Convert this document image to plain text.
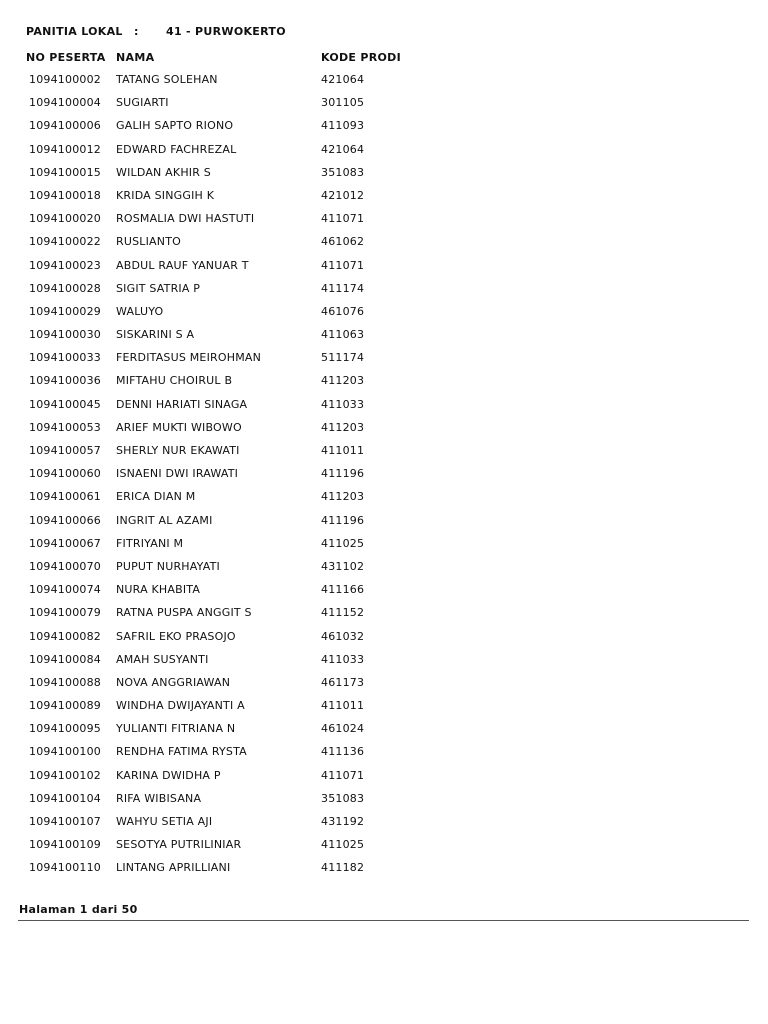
PANITIA LOKAL : 41 - PURWOKERTO
NO PESERTA NAMA	KODE PRODI
1094100002 TATANG SOLEHAN	421064
1094100004 SUGIARTI	301105
1094100006 GALIH SAPTO RIONO	411093
1094100012 EDWARD FACHREZAL	421064
1094100015 WILDAN AKHIR S	351083
1094100018 KRIDA SINGGIH K	421012
1094100020 ROSMALIA DWI HASTUTI	411071
1094100022 RUSLIANTO	461062
1094100023 ABDUL RAUF YANUAR T	411071
1094100028 SIGIT SATRIA P	411174
1094100029 WALUYO	461076
1094100030 SISKARINI S A	411063
1094100033 FERDITASUS MEIROHMAN	511174
1094100036 MIFTAHU CHOIRUL B	411203
1094100045 DENNI HARIATI SINAGA	411033
1094100053 ARIEF MUKTI WIBOWO	411203
1094100057 SHERLY NUR EKAWATI	411011
1094100060 ISNAENI DWI IRAWATI	411196
1094100061 ERICA DIAN M	411203
1094100066 INGRIT AL AZAMI	411196
1094100067 FITRIYANI M	411025
1094100070 PUPUT NURHAYATI	431102
1094100074 NURA KHABITA	411166
1094100079 RATNA PUSPA ANGGIT S	411152
1094100082 SAFRIL EKO PRASOJO	461032
1094100084 AMAH SUSYANTI	411033
1094100088 NOVA ANGGRIAWAN	461173
1094100089 WINDHA DWIJAYANTI A	411011
1094100095 YULIANTI FITRIANA N	461024
1094100100 RENDHA FATIMA RYSTA	411136
1094100102 KARINA DWIDHA P	411071
1094100104 RIFA WIBISANA	351083
1094100107 WAHYU SETIA AJI	431192
1094100109 SESOTYA PUTRILINIAR	411025
1094100110 LINTANG APRILLIANI	411182
Halaman 1 dari 50
